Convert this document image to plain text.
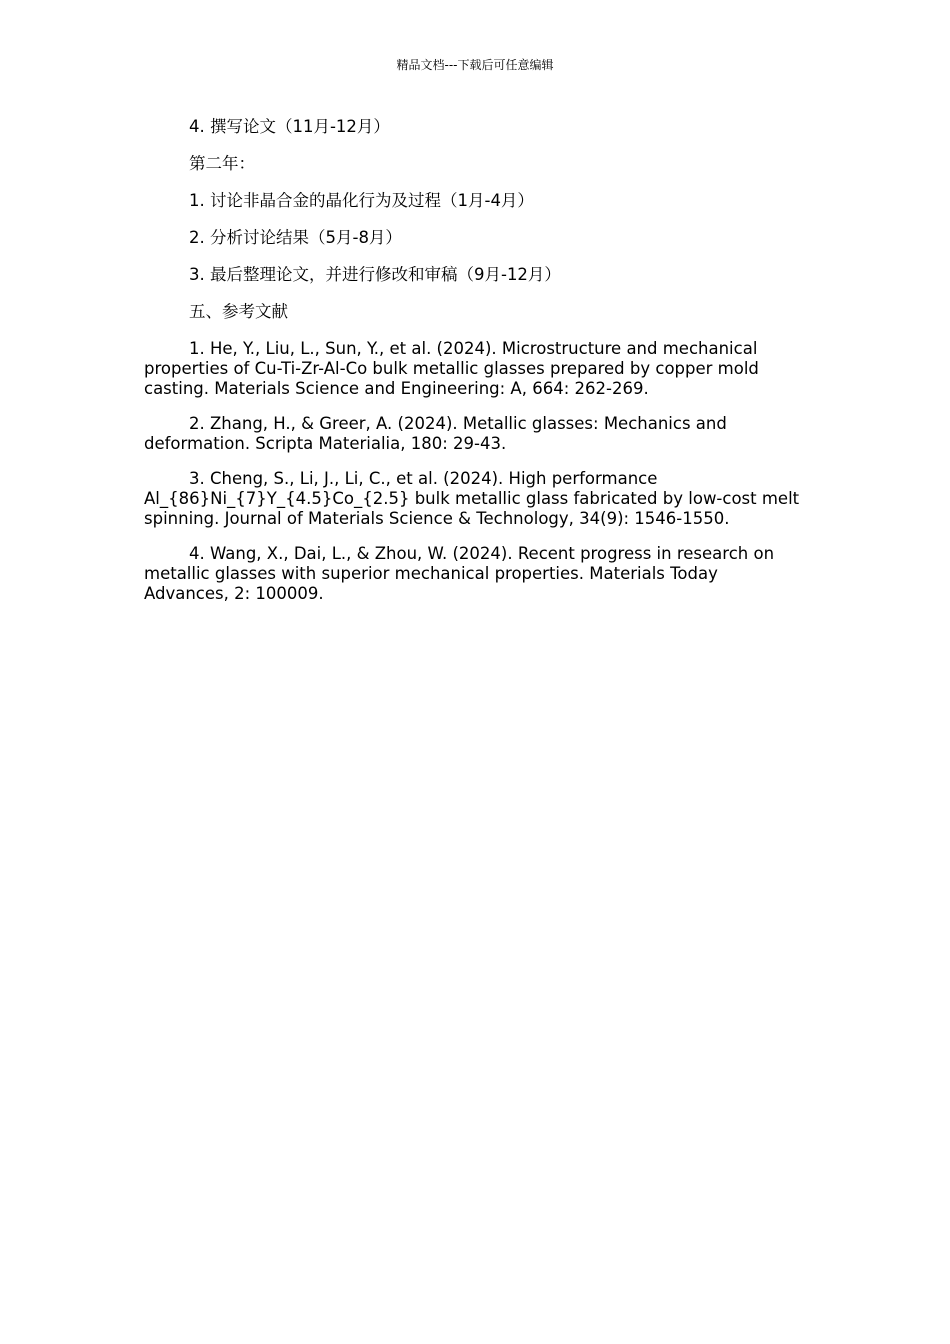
精品文档---下载后可任意编辑

4. 撰写论文（11月-12月）

第二年：

1. 讨论非晶合金的晶化行为及过程（1月-4月）

2. 分析讨论结果（5月-8月）

3. 最后整理论文，并进行修改和审稿（9月-12月）

五、参考文献

1. He, Y., Liu, L., Sun, Y., et al. (2024). Microstructure and mechanical properties of Cu-Ti-Zr-Al-Co bulk metallic glasses prepared by copper mold casting. Materials Science and Engineering: A, 664: 262-269.

2. Zhang, H., & Greer, A. (2024). Metallic glasses: Mechanics and deformation. Scripta Materialia, 180: 29-43.

3. Cheng, S., Li, J., Li, C., et al. (2024). High performance Al_{86}Ni_{7}Y_{4.5}Co_{2.5} bulk metallic glass fabricated by low-cost melt spinning. Journal of Materials Science & Technology, 34(9): 1546-1550.

4. Wang, X., Dai, L., & Zhou, W. (2024). Recent progress in research on metallic glasses with superior mechanical properties. Materials Today Advances, 2: 100009.
